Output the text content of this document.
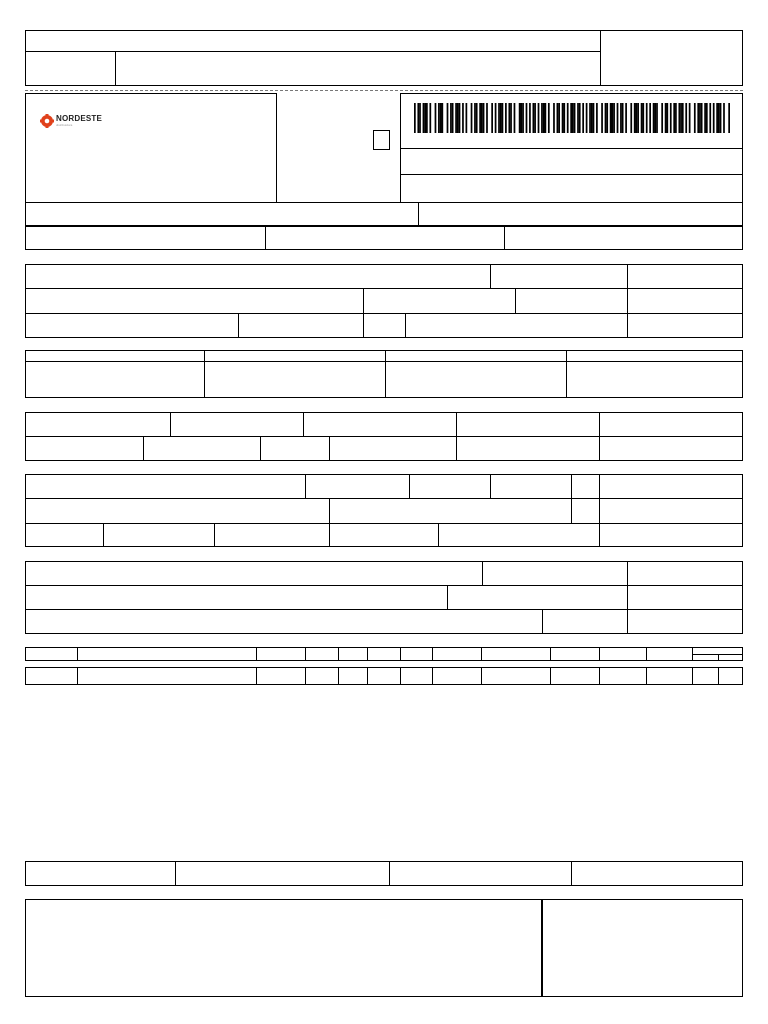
NORDESTE
distribuidora
